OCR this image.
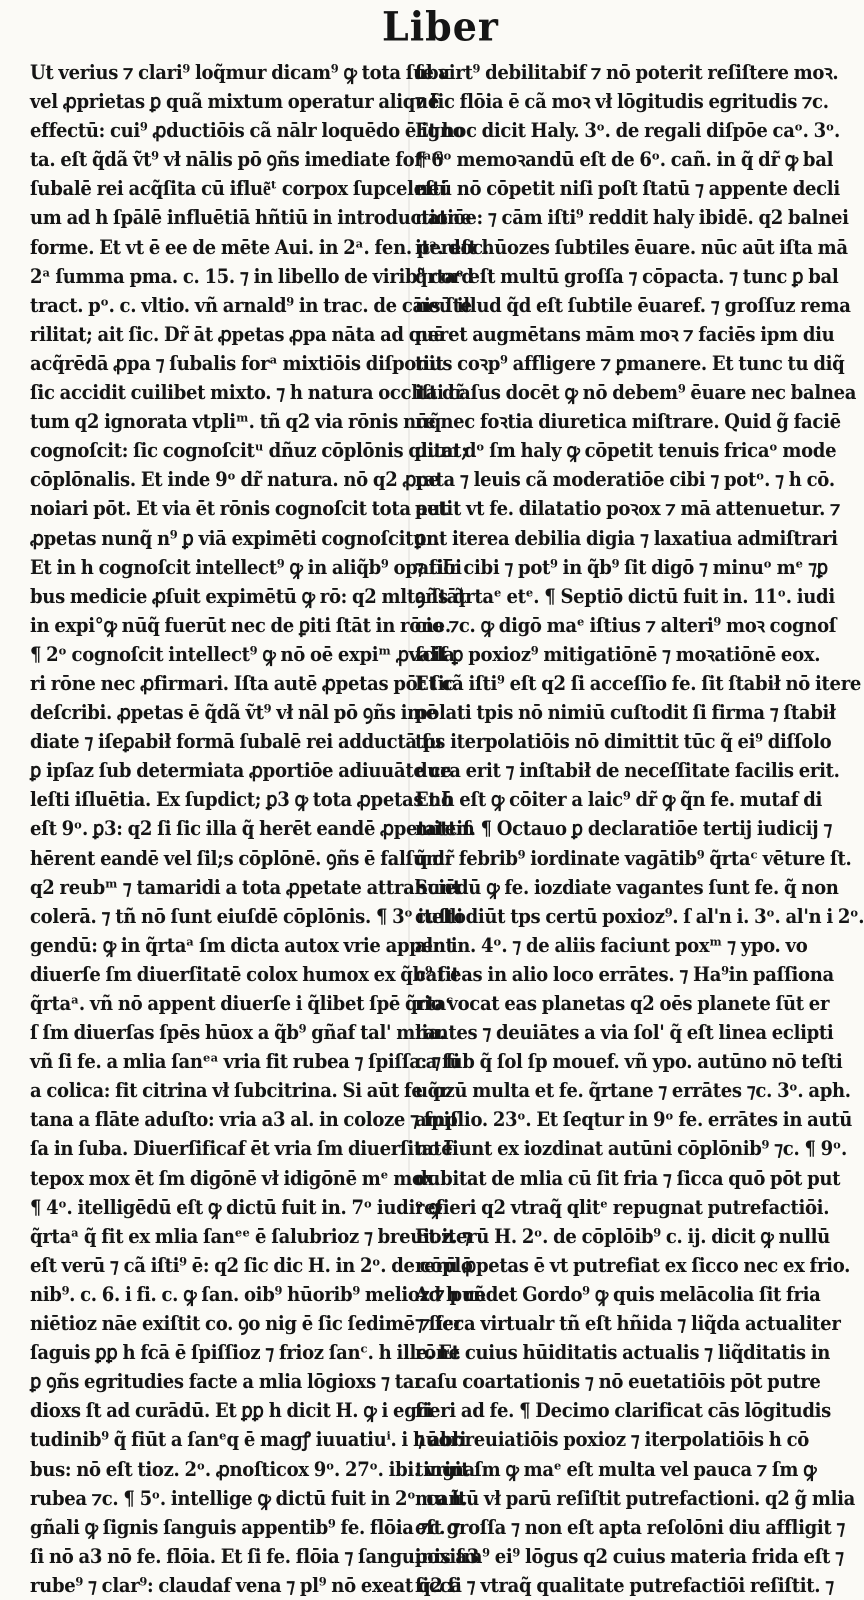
Liber
Ut verius ⁊ clari⁹ loq̃mur dicam⁹ ꝙ tota ſuba
vel ꝓprietas ꝑ quã mixtum operatur aliquē
effectū: cui⁹ ꝓductiōis cã nālr loquēdo ē igno
ta. eſt q̃dã ṽt⁹ vł nālis pō ꝯñs imediate forᵃᵐ
ſubalē rei acq̃ſita cū iflue͂ᵗ corpox ſupceleſti
um ad h ſpālē influētiā hñtiū in introductione
forme. Et vt ē ee de mēte Aui. in 2ᵃ. fen. pᵃ. doc.
2ᵃ ſumma pma. c. 15. ⁊ in libello de virib⁹ cord
tract. pᵒ. c. vltio. vñ arnald⁹ in trac. de cāis ſte
rilitat; ait ſic. Dr̃ āt ꝓpetas ꝓpa nāta ad quā
acq̃rēdā ꝓpa ⁊ ſubalis forᵃ mixtiōis diſponit
ſic accidit cuilibet mixto. ⁊ h natura occlta dr̃
tum q2 ignorata vtpliᵐ. tñ q2 via rōnis nūq̃
cognoſcit: ſic cognoſcitᵘ dñuz cōplōnis qlitat;
cōplōnalis. Et inde 9ᵒ dr̃ natura. nō q2 ꝓpe
noiari pōt. Et via ēt rōnis cognoſcit tota aut
ꝓpetas nunq̃ n⁹ ꝑ viā expimēti cognoſcitur.
Et in h cognoſcit intellect⁹ ꝙ in aliq̃b⁹ opatiōi
bus medicie ꝓſuit expimētū ꝙ rō: q2 mlta ſtāt
in expi°ꝙ nūq̃ fuerūt nec de ꝑiti ſtāt in rōne.
¶ 2ᵒ cognoſcit intellect⁹ ꝙ nō oē expiᵐ ꝓvalla
ri rōne nec ꝓfirmari. Iſta autē ꝓpetas pōt ſic
deſcribi. ꝓpetas ē q̃dã ṽt⁹ vł nāl pō ꝯñs imē
diate ⁊ iſeꝑabił formā ſubalē rei adductā ſu
ꝑ ipſaz ſub determiata ꝓportiōe adiuuāte ce
leſti iſluētia. Ex ſupdict; ꝑ3 ꝙ tota ꝓpetas nō
eſt 9ᵒ. ꝑ3: q2 ſi ſic illa q̃ herēt eandē ꝓpetatem
hērent eandē vel ſil;s cōplōnē. ꝯñs ē falſum:
q2 reubᵐ ⁊ tamaridi a tota ꝓpetate attrahunt
colerā. ⁊ tñ nō ſunt eiuſdē cōplōnis. ¶ 3ᵒ itelli
gendū: ꝙ in q̃rtaᵃ ſm dicta autox vrie appent
diuerſe ſm diuerſitatē colox humox ex q̃b⁹ fit
q̃rtaᵃ. vñ nō appent diuerſe i q̃libet ſpē q̃rtaᶜ
ſ ſm diuerſas ſpēs hūox a q̃b⁹ gñaf tal' mlia.
vñ ſi fe. a mlia ſanᵉᵃ vria fit rubea ⁊ ſpiſſa: ⁊ ſi
a colica: fit citrina vł ſubcitrina. Si aūt fe q̃r
tana a flāte aduſto: vria a3 al. in coloze ⁊ ſpiſ
ſa in ſuba. Diuerſificaf ēt vria ſm diuerſitatē
tepox mox ēt ſm digōnē vł idigōnē mᵉ mox.
¶ 4ᵒ. itelligēdū eſt ꝙ dictū fuit in. 7ᵒ iudiᵒ ꝙ
q̃rtaᵃ q̃ fit ex mlia ſanᵉᵉ ē ſalubrioz ⁊ breuioz. ⁊
eſt verū ⁊ cã iſti⁹ ē: q2 ſic dic H. in 2ᵒ. de cōplō
nib⁹. c. 6. i fi. c. ꝙ ſan. oib⁹ hūorib⁹ melioz ⁊ pue
niētioz nāe exiſtit co. ꝯo nig ē ſic ſedimē ⁊ fer
ſaguis ꝑꝑ h fcā ē ſpiſſioz ⁊ frioz ſanᶜ. h ille. Et
ꝑ ꝯñs egritudies facte a mlia lōgioxs ⁊ tar
dioxs ſt ad curādū. Et ꝑꝑ h dicit H. ꝙ i egri
tudinib⁹ q̃ fiūt a ſanᵉq ē magꝭ iuuatiuⁱ. i hūori
bus: nō eſt tioz. 2ᵒ. ꝓnoſticox 9ᵒ. 27ᵒ. ibi. vrina
rubea ⁊c. ¶ 5ᵒ. intellige ꝙ dictū fuit in 2ᵒ. cañ.
gñali ꝙ ſignis ſanguis appentib⁹ fe. flōia ⁊c. ⁊
ſi nō a3 nō fe. flōia. Et ſi fe. flōia ⁊ ſanguinis a3
rube⁹ ⁊ clar⁹: claudaf vena ⁊ pl⁹ nō exeat q2 ſi
fe virt⁹ debilitabif ⁊ nō poterit reſiſtere moꝛ.
⁊ ſic flōia ē cã moꝛ vł lōgitudis egritudis ⁊c.
Et hoc dicit Haly. 3ᵒ. de regali diſpōe caᵒ. 3ᵒ.
¶ 6ᵒ memoꝛandū eſt de 6ᵒ. cañ. in q̃ dr̃ ꝙ bal
neū nō cōpetit niſi poſt ſtatū ⁊ appente decli
natiōe: ⁊ cām iſti⁹ reddit haly ibidē. q2 balnei
itereſt hūozes ſubtiles ēuare. nūc aūt iſta mā
q̃rtaᵉ eſt multū groſſa ⁊ cōpacta. ⁊ tunc ꝑ bal
neū illud q̃d eſt ſubtile ēuaref. ⁊ groſſuz rema
neret augmētans mām moꝛ ⁊ faciēs ipm diu
tius coꝛp⁹ affligere ⁊ ꝑmanere. Et tunc tu diq̃
iſti caſus docēt ꝙ nō debem⁹ ēuare nec balnea
re nec foꝛtia diuretica miſtrare. Quid g̃ faciē
dum dᵒ ſm haly ꝙ cōpetit tenuis fricaᵒ mode
rata ⁊ leuis cã moderatiōe cibi ⁊ potᵒ. ⁊ h cō.
petit vt fe. dilatatio poꝛox ⁊ mā attenuetur. ⁊
ꝑnt iterea debilia digia ⁊ laxatiua admiſtrari
⁊ ſilr cibi ⁊ pot⁹ in q̃b⁹ ſit digō ⁊ minuᵒ mᵉ ⁊ꝑ
ꝯñs q̃rtaᵉ etᵉ. ¶ Septiō dictū fuit in. 11ᵒ. iudi
cio ⁊c. ꝙ digō maᵉ iſtius ⁊ alteri⁹ moꝛ cognoſ
ſcif ꝑ poxioz⁹ mitigatiōnē ⁊ moꝛatiōnē eox.
Et cã iſti⁹ eſt q2 ſi acceſſio fe. ſit ſtabił nō itere
polati tpis nō nimiū cuſtodit ſi firma ⁊ ſtabił
tps iterpolatiōis nō dimittit tūc q̃ ei⁹ diſſolo
dura erit ⁊ inſtabił de neceſſitate facilis erit.
Et h eſt ꝙ cōiter a laic⁹ dr̃ ꝙ q̃n fe. mutaf di
mittif. ¶ Octauo ꝑ declaratiōe tertij iudicij ⁊
q̃ dr̃ febrib⁹ iordinate vagātib⁹ q̃rtaᶜ vēture ſt.
Sciēdū ꝙ fe. iozdiate vagantes ſunt fe. q̃ non
cuſtodiūt tps certū poxioz⁹. ſ al'n i. 3ᵒ. al'n i 2ᵒ.
aln in. 4ᵒ. ⁊ de aliis faciunt poxᵐ ⁊ ypo. vo
cat eas in alio loco errātes. ⁊ Ha⁹in paſſiona
rio vocat eas planetas q2 oēs planete ſūt er
rantes ⁊ deuiātes a via ſol' q̃ eſt linea eclipti
ca ſub q̃ ſol ſp mouef. vñ ypo. autūno nō teſti
u ozū multa et fe. q̃rtane ⁊ errātes ⁊c. 3ᵒ. aph.
amplio. 23ᵒ. Et ſeqtur in 9ᵒ fe. errātes in autū
no fiunt ex iozdinat autūni cōplōnib⁹ ⁊c. ¶ 9ᵒ.
dubitat de mlia cū ſit fria ⁊ ſicca quō pōt put
refieri q2 vtraq̃ qlitᵉ repugnat putrefactiōi.
Et iterū H. 2ᵒ. de cōplōib⁹ c. ij. dicit ꝙ nullū
rerū ꝓpetas ē vt putrefiat ex ſicco nec ex frio.
Ad h rñdet Gordo⁹ ꝙ quis melācolia ſit fria
⁊ ſicca virtualr tñ eſt hñida ⁊ liq̃da actualiter
rōne cuius hūiditatis actualis ⁊ liq̃ditatis in
caſu coartationis ⁊ nō euetatiōis pōt putre
fieri ad fe. ¶ Decimo clarificat cās lōgitudis
⁊ abbreuiatiōis poxioz ⁊ iterpolatiōis h cō
tingit ſm ꝙ maᵉ eſt multa vel pauca ⁊ ſm ꝙ
mu ltū vł parū reſiſtit putrefactioni. q2 g̃ mlia
eſt groſſa ⁊ non eſt apta reſolōni diu affligit ⁊
poxiſm⁹ ei⁹ lōgus q2 cuius materia frida eſt ⁊
ſicca ⁊ vtraq̃ qualitate putrefactiōi reſiſtit. ⁊
